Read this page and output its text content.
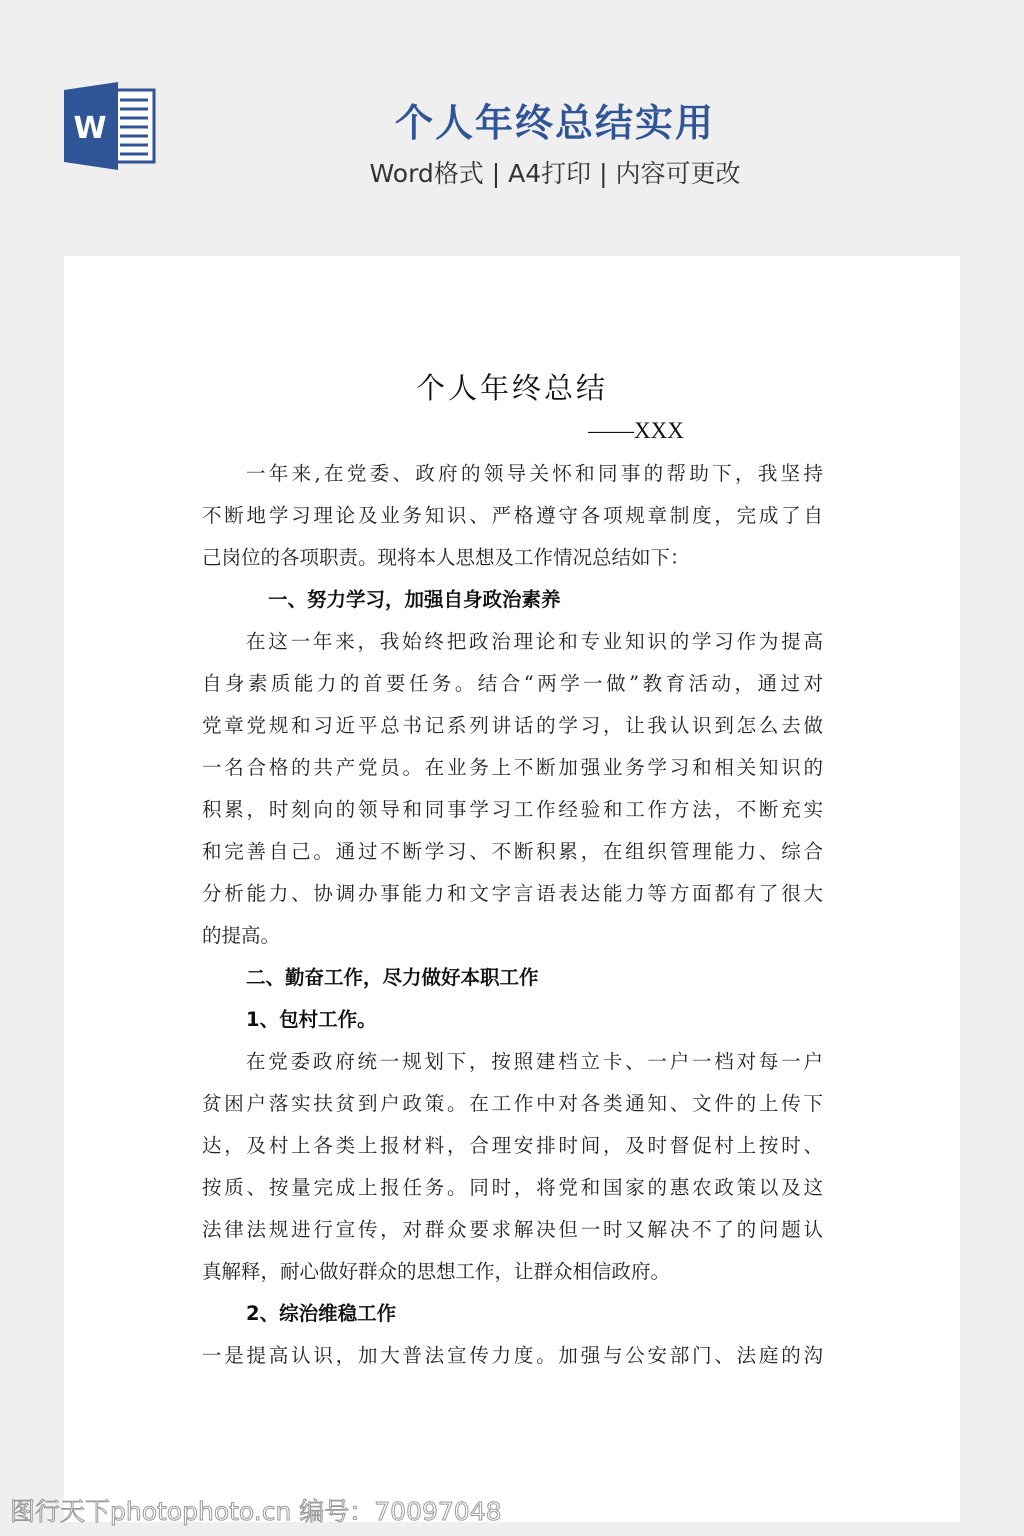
W	个人年终总结实用
Word格式 | A4打印 | 内容可更改
个人年终总结
——XXX
一年来,在党委、政府的领导关怀和同事的帮助下，我坚持
不断地学习理论及业务知识、严格遵守各项规章制度，完成了自
己岗位的各项职责。现将本人思想及工作情况总结如下：
一、努力学习，加强自身政治素养
在这一年来，我始终把政治理论和专业知识的学习作为提高
自身素质能力的首要任务。结合“两学一做”教育活动，通过对
党章党规和习近平总书记系列讲话的学习，让我认识到怎么去做
一名合格的共产党员。在业务上不断加强业务学习和相关知识的
积累，时刻向的领导和同事学习工作经验和工作方法，不断充实
和完善自己。通过不断学习、不断积累，在组织管理能力、综合
分析能力、协调办事能力和文字言语表达能力等方面都有了很大
的提高。
二、勤奋工作，尽力做好本职工作
1、包村工作。
在党委政府统一规划下，按照建档立卡、一户一档对每一户
贫困户落实扶贫到户政策。在工作中对各类通知、文件的上传下
达，及村上各类上报材料，合理安排时间，及时督促村上按时、
按质、按量完成上报任务。同时，将党和国家的惠农政策以及这
法律法规进行宣传，对群众要求解决但一时又解决不了的问题认
真解释，耐心做好群众的思想工作，让群众相信政府。
2、综治维稳工作
一是提高认识，加大普法宣传力度。加强与公安部门、法庭的沟
图行天下photophoto.cn 编号：70097048
